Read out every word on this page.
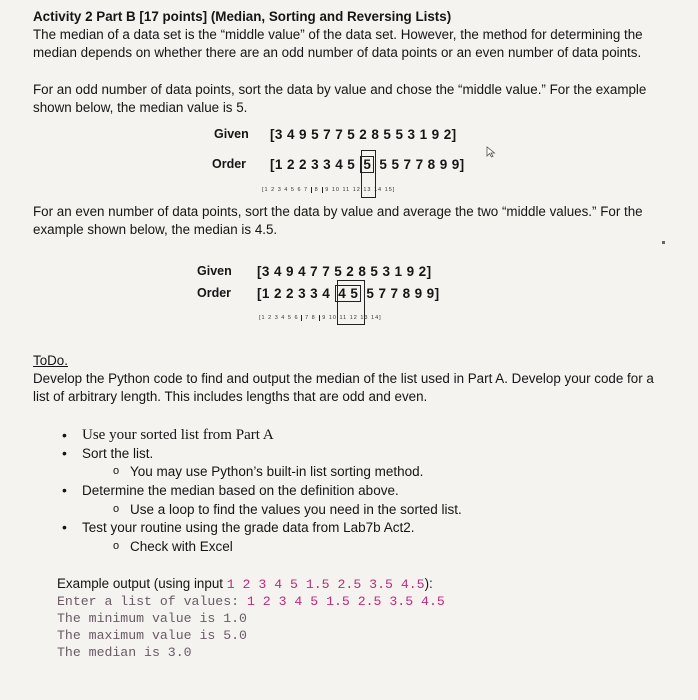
Activity 2 Part B [17 points] (Median, Sorting and Reversing Lists)
The median of a data set is the “middle value” of the data set. However, the method for determining the
median depends on whether there are an odd number of data points or an even number of data points.
For an odd number of data points, sort the data by value and chose the “middle value.” For the example
shown below, the median value is 5.
Given [3 4 9 5 7 7 5 2 8 5 5 3 1 9 2]
Order [1 2 2 3 3 4 5 5 5 5 7 7 8 9 9]
[1 2 3 4 5 6 7 8 9 10 11 12 13 14 15]
For an even number of data points, sort the data by value and average the two “middle values.” For the
example shown below, the median is 4.5.
Given [3 4 9 4 7 7 5 2 8 5 3 1 9 2]
Order [1 2 2 3 3 4 4 5 5 7 7 8 9 9]
[1 2 3 4 5 6 7 8 9 10 11 12 13 14]
ToDo.
Develop the Python code to find and output the median of the list used in Part A. Develop your code for a
list of arbitrary length. This includes lengths that are odd and even.
• Use your sorted list from Part A
• Sort the list.
o You may use Python’s built-in list sorting method.
• Determine the median based on the definition above.
o Use a loop to find the values you need in the sorted list.
• Test your routine using the grade data from Lab7b Act2.
o Check with Excel
Example output (using input 1 2 3 4 5 1.5 2.5 3.5 4.5):
Enter a list of values: 1 2 3 4 5 1.5 2.5 3.5 4.5
The minimum value is 1.0
The maximum value is 5.0
The median is 3.0
